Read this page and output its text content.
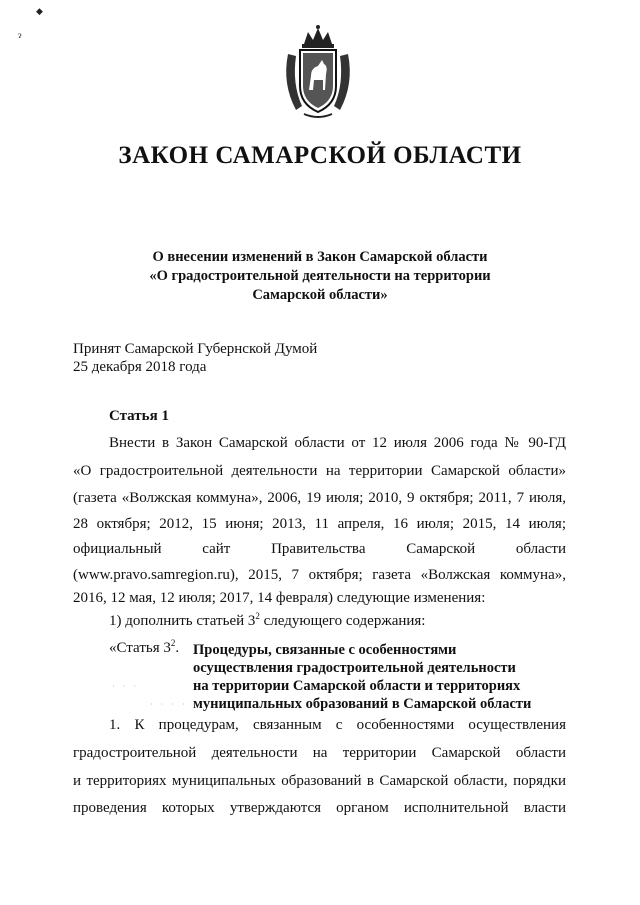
◆
ɂ
ЗАКОН САМАРСКОЙ ОБЛАСТИ
О внесении изменений в Закон Самарской области
«О градостроительной деятельности на территории
Самарской области»
Принят Самарской Губернской Думой
25 декабря 2018 года
Статья 1
Внести в Закон Самарской области от 12 июля 2006 года № 90-ГД
«О градостроительной деятельности на территории Самарской области»
(газета «Волжская коммуна», 2006, 19 июля; 2010, 9 октября; 2011, 7 июля,
28 октября; 2012, 15 июня; 2013, 11 апреля, 16 июля; 2015, 14 июля;
официальный сайт Правительства Самарской области
(www.pravo.samregion.ru), 2015, 7 октября; газета «Волжская коммуна»,
2016, 12 мая, 12 июля; 2017, 14 февраля) следующие изменения:
1) дополнить статьей $3^2$ следующего содержания:
«Статья $3^2$. Процедуры, связанные с особенностями
осуществления градостроительной деятельности
на территории Самарской области и территориях
муниципальных образований в Самарской области
· · ·
· · · · ·
1. К процедурам, связанным с особенностями осуществления
градостроительной деятельности на территории Самарской области
и территориях муниципальных образований в Самарской области, порядки
проведения которых утверждаются органом исполнительной власти
